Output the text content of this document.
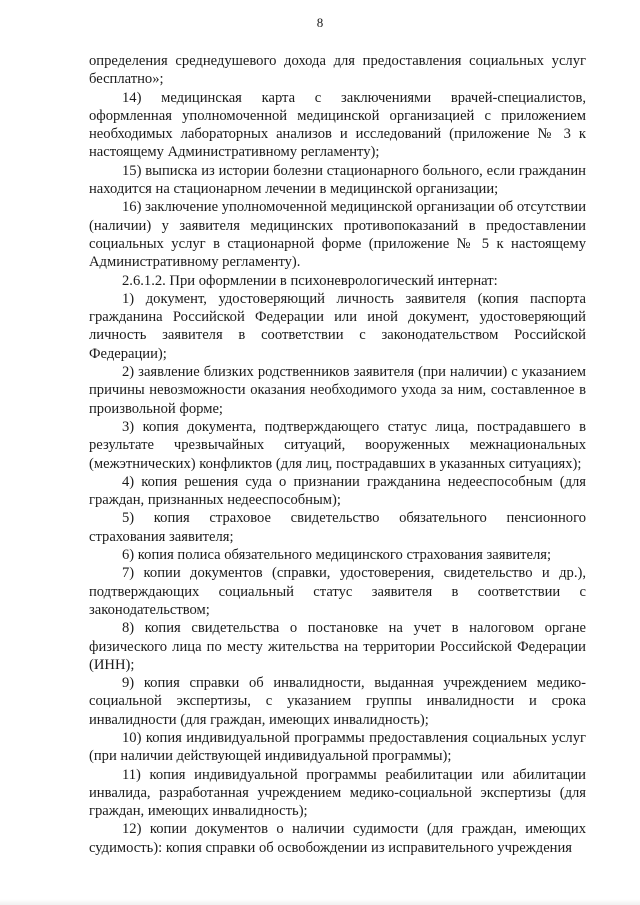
8

определения среднедушевого дохода для предоставления социальных услуг бесплатно»;

14) медицинская карта с заключениями врачей-специалистов, оформленная уполномоченной медицинской организацией с приложением необходимых лабораторных анализов и исследований (приложение № 3 к настоящему Административному регламенту);

15) выписка из истории болезни стационарного больного, если гражданин находится на стационарном лечении в медицинской организации;

16) заключение уполномоченной медицинской организации об отсутствии (наличии) у заявителя медицинских противопоказаний в предоставлении социальных услуг в стационарной форме (приложение № 5 к настоящему Административному регламенту).

2.6.1.2. При оформлении в психоневрологический интернат:

1) документ, удостоверяющий личность заявителя (копия паспорта гражданина Российской Федерации или иной документ, удостоверяющий личность заявителя в соответствии с законодательством Российской Федерации);

2) заявление близких родственников заявителя (при наличии) с указанием причины невозможности оказания необходимого ухода за ним, составленное в произвольной форме;

3) копия документа, подтверждающего статус лица, пострадавшего в результате чрезвычайных ситуаций, вооруженных межнациональных (межэтнических) конфликтов (для лиц, пострадавших в указанных ситуациях);

4) копия решения суда о признании гражданина недееспособным (для граждан, признанных недееспособным);

5) копия страховое свидетельство обязательного пенсионного страхования заявителя;

6) копия полиса обязательного медицинского страхования заявителя;

7) копии документов (справки, удостоверения, свидетельство и др.), подтверждающих социальный статус заявителя в соответствии с законодательством;

8) копия свидетельства о постановке на учет в налоговом органе физического лица по месту жительства на территории Российской Федерации (ИНН);

9) копия справки об инвалидности, выданная учреждением медико-социальной экспертизы, с указанием группы инвалидности и срока инвалидности (для граждан, имеющих инвалидность);

10) копия индивидуальной программы предоставления социальных услуг (при наличии действующей индивидуальной программы);

11) копия индивидуальной программы реабилитации или абилитации инвалида, разработанная учреждением медико-социальной экспертизы (для граждан, имеющих инвалидность);

12) копии документов о наличии судимости (для граждан, имеющих судимость): копия справки об освобождении из исправительного учреждения
